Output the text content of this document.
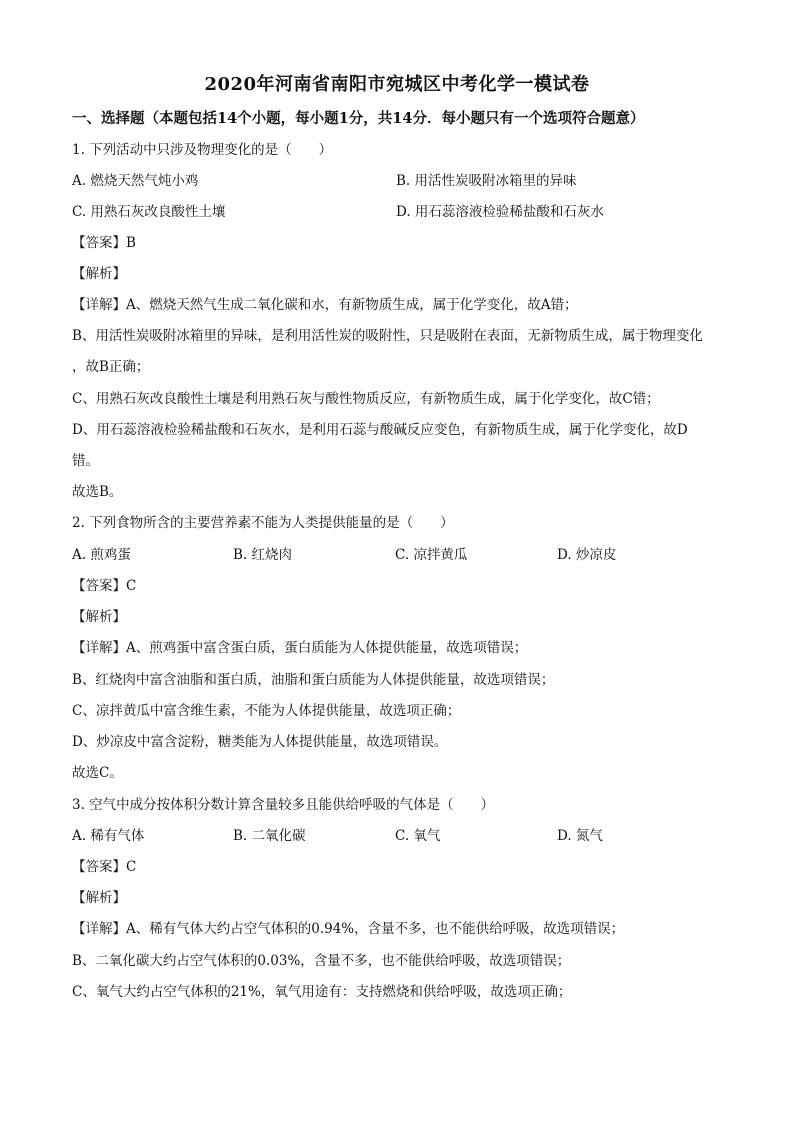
2020年河南省南阳市宛城区中考化学一模试卷
一、选择题（本题包括14个小题，每小题1分，共14分．每小题只有一个选项符合题意）
1. 下列活动中只涉及物理变化的是（　　）
A. 燃烧天然气炖小鸡	B. 用活性炭吸附冰箱里的异味
C. 用熟石灰改良酸性土壤	D. 用石蕊溶液检验稀盐酸和石灰水
【答案】B
【解析】
【详解】A、燃烧天然气生成二氧化碳和水，有新物质生成，属于化学变化，故A错；
B、用活性炭吸附冰箱里的异味，是利用活性炭的吸附性，只是吸附在表面，无新物质生成，属于物理变化
，故B正确；
C、用熟石灰改良酸性土壤是利用熟石灰与酸性物质反应，有新物质生成，属于化学变化，故C错；
D、用石蕊溶液检验稀盐酸和石灰水，是利用石蕊与酸碱反应变色，有新物质生成，属于化学变化，故D
错。
故选B。
2. 下列食物所含的主要营养素不能为人类提供能量的是（　　）
A. 煎鸡蛋	B. 红烧肉	C. 凉拌黄瓜	D. 炒凉皮
【答案】C
【解析】
【详解】A、煎鸡蛋中富含蛋白质，蛋白质能为人体提供能量，故选项错误；
B、红烧肉中富含油脂和蛋白质，油脂和蛋白质能为人体提供能量，故选项错误；
C、凉拌黄瓜中富含维生素，不能为人体提供能量，故选项正确；
D、炒凉皮中富含淀粉，糖类能为人体提供能量，故选项错误。
故选C。
3. 空气中成分按体积分数计算含量较多且能供给呼吸的气体是（　　）
A. 稀有气体	B. 二氧化碳	C. 氧气	D. 氮气
【答案】C
【解析】
【详解】A、稀有气体大约占空气体积的0.94%，含量不多，也不能供给呼吸，故选项错误；
B、二氧化碳大约占空气体积的0.03%，含量不多，也不能供给呼吸，故选项错误；
C、氧气大约占空气体积的21%，氧气用途有：支持燃烧和供给呼吸，故选项正确；
